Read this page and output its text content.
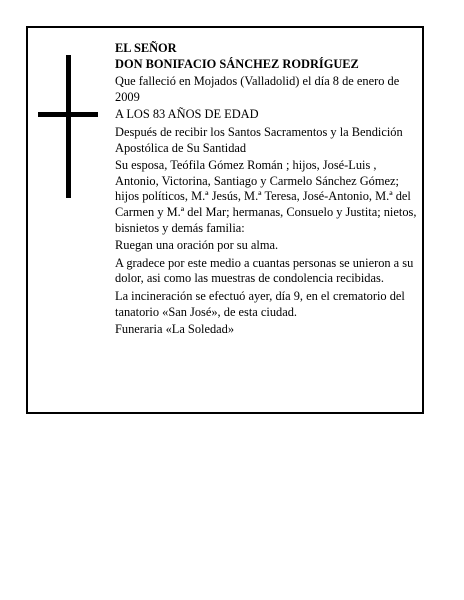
EL SEÑOR

DON BONIFACIO SÁNCHEZ RODRÍGUEZ

Que falleció en Mojados (Valladolid) el día 8 de enero de 2009

A LOS 83 AÑOS DE EDAD

Después de recibir los Santos Sacramentos y la Bendición Apostólica de Su Santidad

Su esposa, Teófila Gómez Román ; hijos, José-Luis , Antonio, Victorina, Santiago y Carmelo Sánchez Gómez; hijos políticos, M.ª Jesús, M.ª Teresa, José-Antonio, M.ª del Carmen y M.ª del Mar; hermanas, Consuelo y Justita; nietos, bisnietos y demás familia:

Ruegan una oración por su alma.

A gradece por este medio a cuantas personas se unieron a su dolor, asi como las muestras de condolencia recibidas.

La incineración se efectuó ayer, día 9, en el crematorio del tanatorio «San José», de esta ciudad.

Funeraria «La Soledad»
